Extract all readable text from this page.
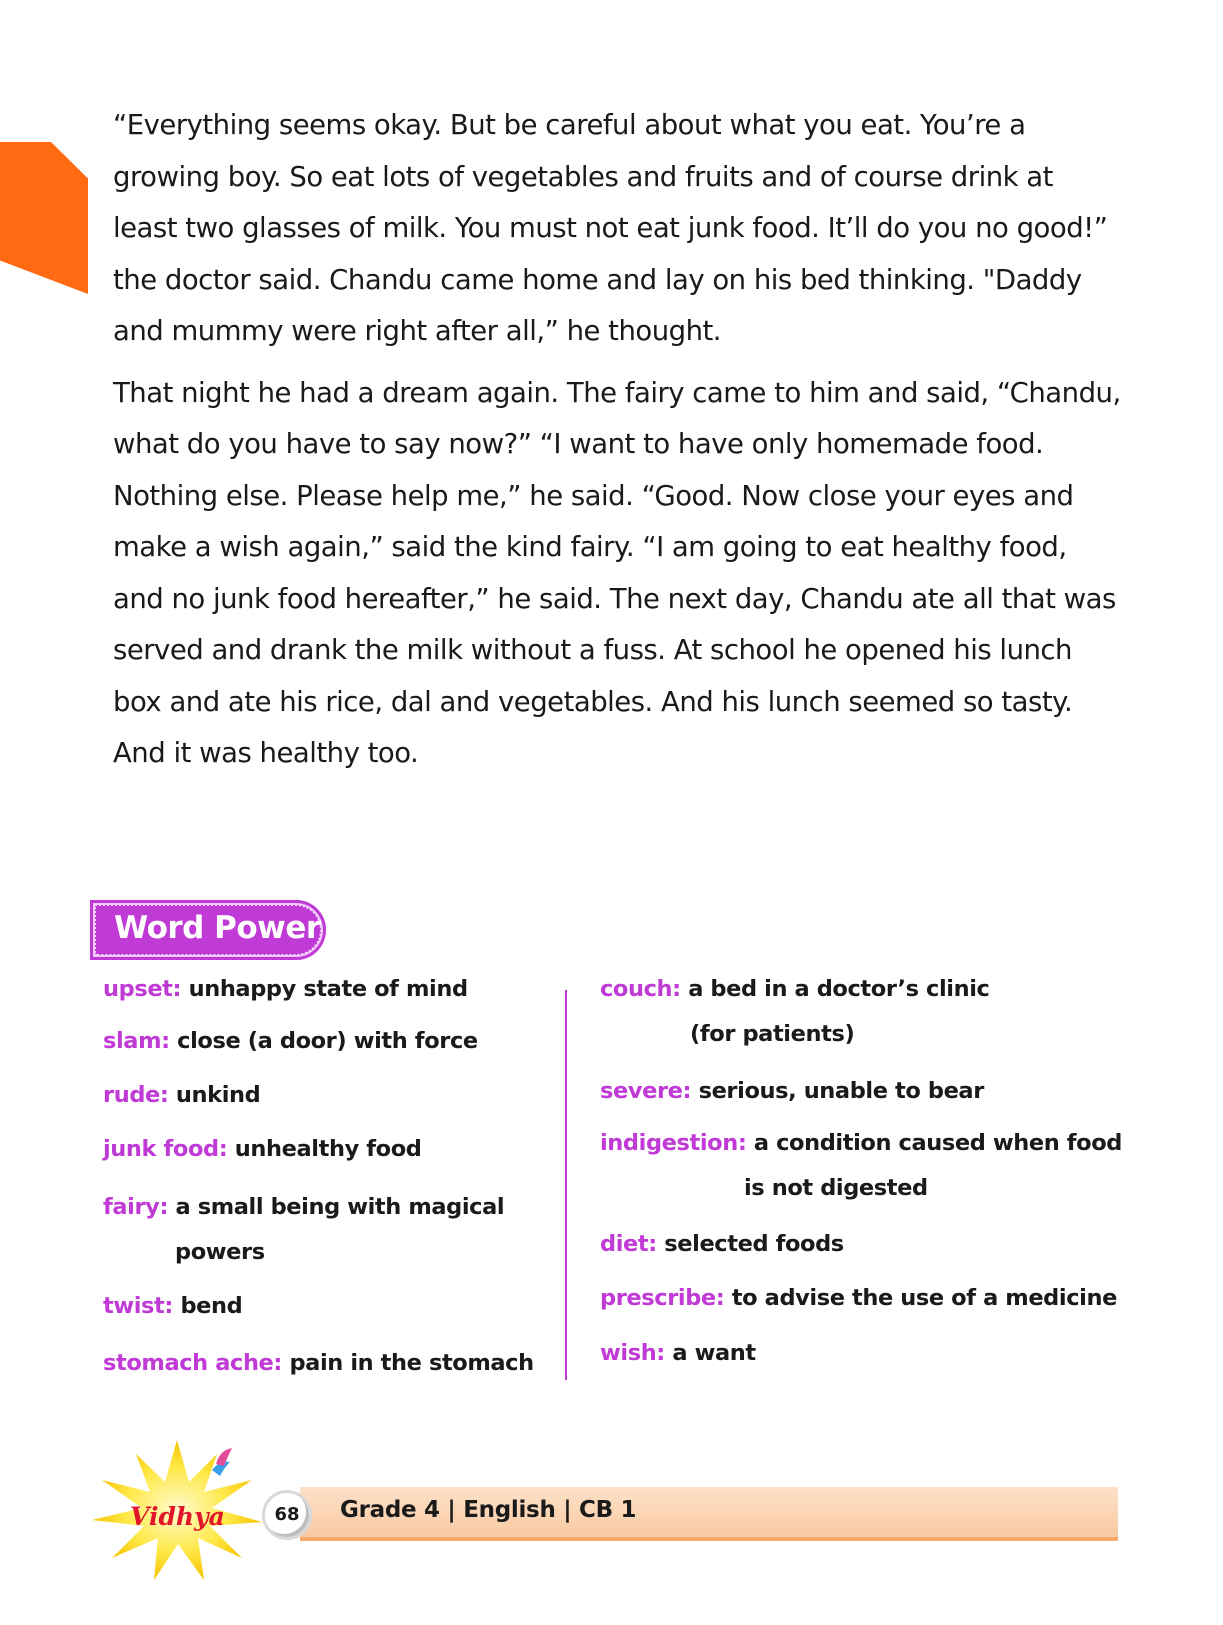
“Everything seems okay. But be careful about what you eat. You’re a growing boy. So eat lots of vegetables and fruits and of course drink at least two glasses of milk. You must not eat junk food. It’ll do you no good!” the doctor said. Chandu came home and lay on his bed thinking. "Daddy and mummy were right after all,” he thought.

That night he had a dream again. The fairy came to him and said, “Chandu, what do you have to say now?” “I want to have only homemade food. Nothing else. Please help me,” he said. “Good. Now close your eyes and make a wish again,” said the kind fairy. “I am going to eat healthy food, and no junk food hereafter,” he said. The next day, Chandu ate all that was served and drank the milk without a fuss. At school he opened his lunch box and ate his rice, dal and vegetables. And his lunch seemed so tasty. And it was healthy too.

Word Power
upset: unhappy state of mind
slam: close (a door) with force
rude: unkind
junk food: unhealthy food
fairy: a small being with magical
powers
twist: bend
stomach ache: pain in the stomach
couch: a bed in a doctor’s clinic
(for patients)
severe: serious, unable to bear
indigestion: a condition caused when food
is not digested
diet: selected foods
prescribe: to advise the use of a medicine
wish: a want
Vidhya	68	Grade 4 | English | CB 1
